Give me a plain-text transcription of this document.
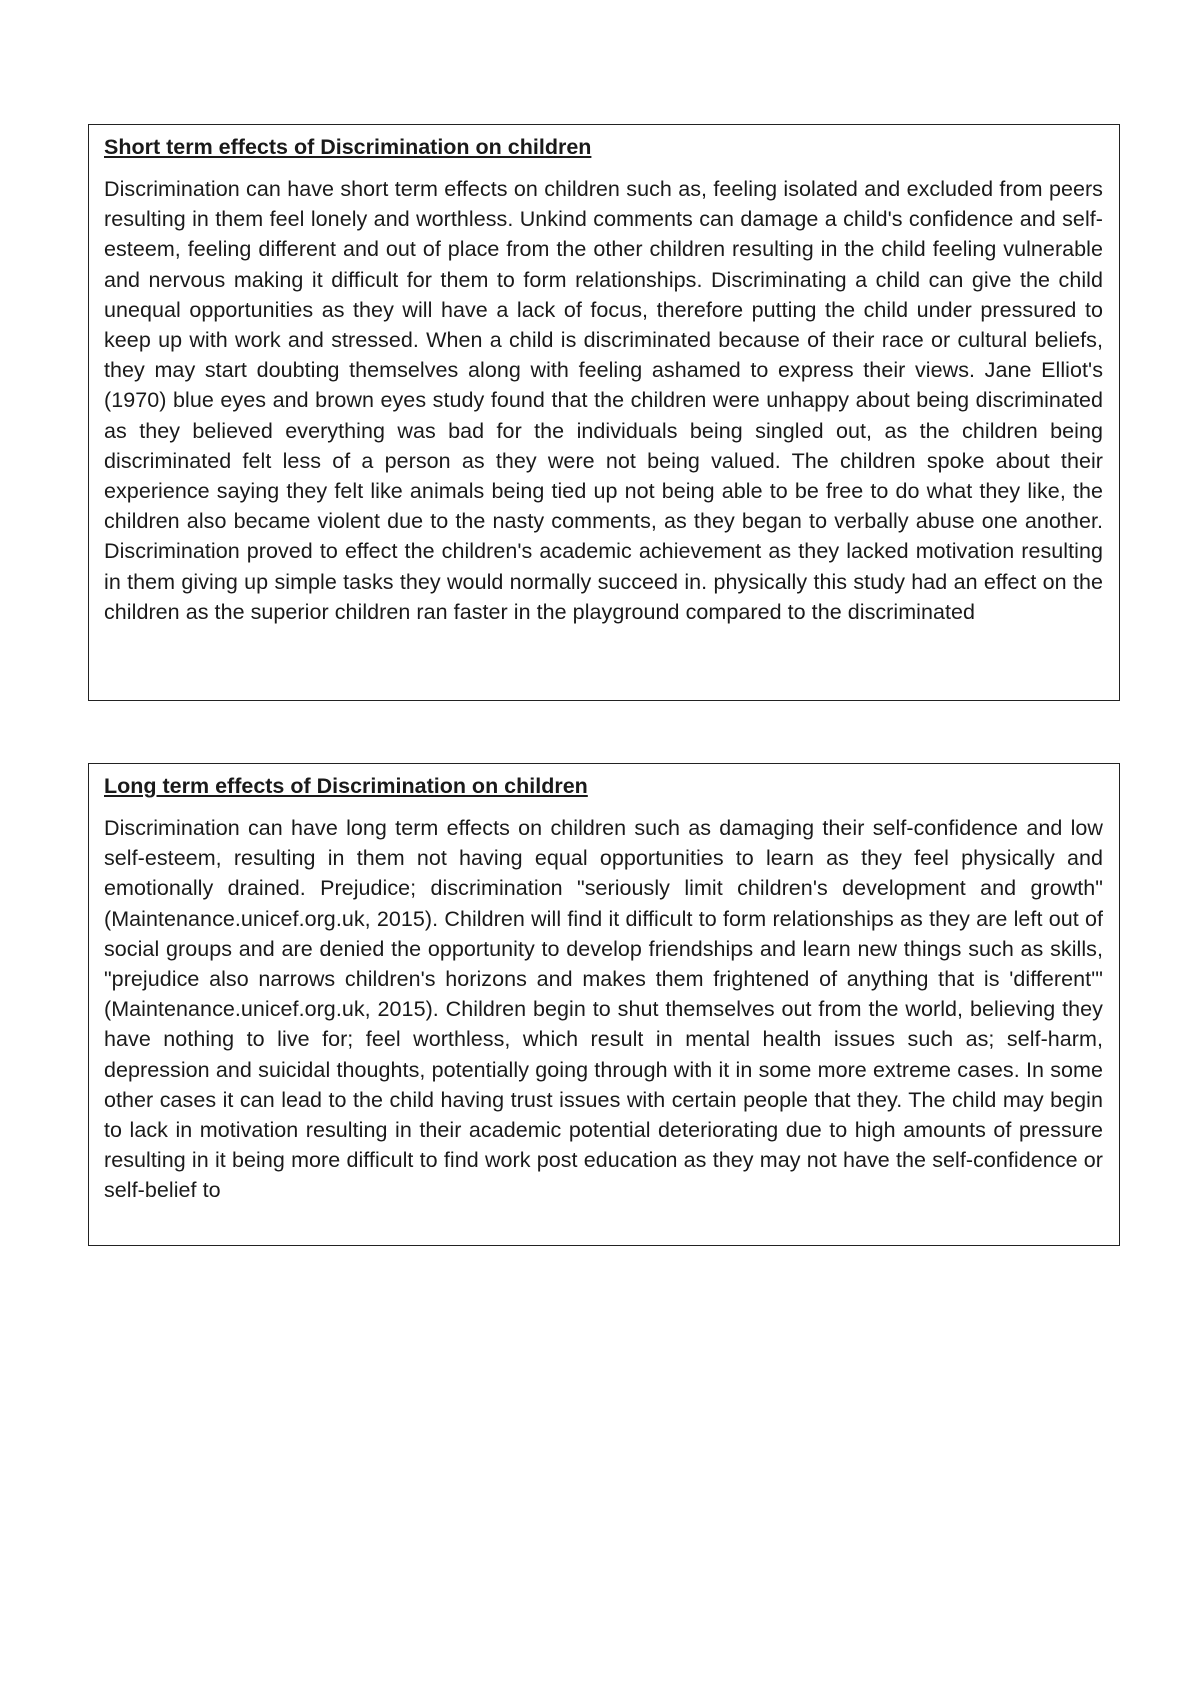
Short term effects of Discrimination on children

Discrimination can have short term effects on children such as, feeling isolated and excluded from peers resulting in them feel lonely and worthless. Unkind comments can damage a child's confidence and self-esteem, feeling different and out of place from the other children resulting in the child feeling vulnerable and nervous making it difficult for them to form relationships. Discriminating a child can give the child unequal opportunities as they will have a lack of focus, therefore putting the child under pressured to keep up with work and stressed. When a child is discriminated because of their race or cultural beliefs, they may start doubting themselves along with feeling ashamed to express their views. Jane Elliot's (1970) blue eyes and brown eyes study found that the children were unhappy about being discriminated as they believed everything was bad for the individuals being singled out, as the children being discriminated felt less of a person as they were not being valued. The children spoke about their experience saying they felt like animals being tied up not being able to be free to do what they like, the children also became violent due to the nasty comments, as they began to verbally abuse one another. Discrimination proved to effect the children's academic achievement as they lacked motivation resulting in them giving up simple tasks they would normally succeed in. physically this study had an effect on the children as the superior children ran faster in the playground compared to the discriminated

Long term effects of Discrimination on children

Discrimination can have long term effects on children such as damaging their self-confidence and low self-esteem, resulting in them not having equal opportunities to learn as they feel physically and emotionally drained. Prejudice; discrimination "seriously limit children's development and growth" (Maintenance.unicef.org.uk, 2015). Children will find it difficult to form relationships as they are left out of social groups and are denied the opportunity to develop friendships and learn new things such as skills, "prejudice also narrows children's horizons and makes them frightened of anything that is 'different'" (Maintenance.unicef.org.uk, 2015). Children begin to shut themselves out from the world, believing they have nothing to live for; feel worthless, which result in mental health issues such as; self-harm, depression and suicidal thoughts, potentially going through with it in some more extreme cases. In some other cases it can lead to the child having trust issues with certain people that they. The child may begin to lack in motivation resulting in their academic potential deteriorating due to high amounts of pressure resulting in it being more difficult to find work post education as they may not have the self-confidence or self-belief to
